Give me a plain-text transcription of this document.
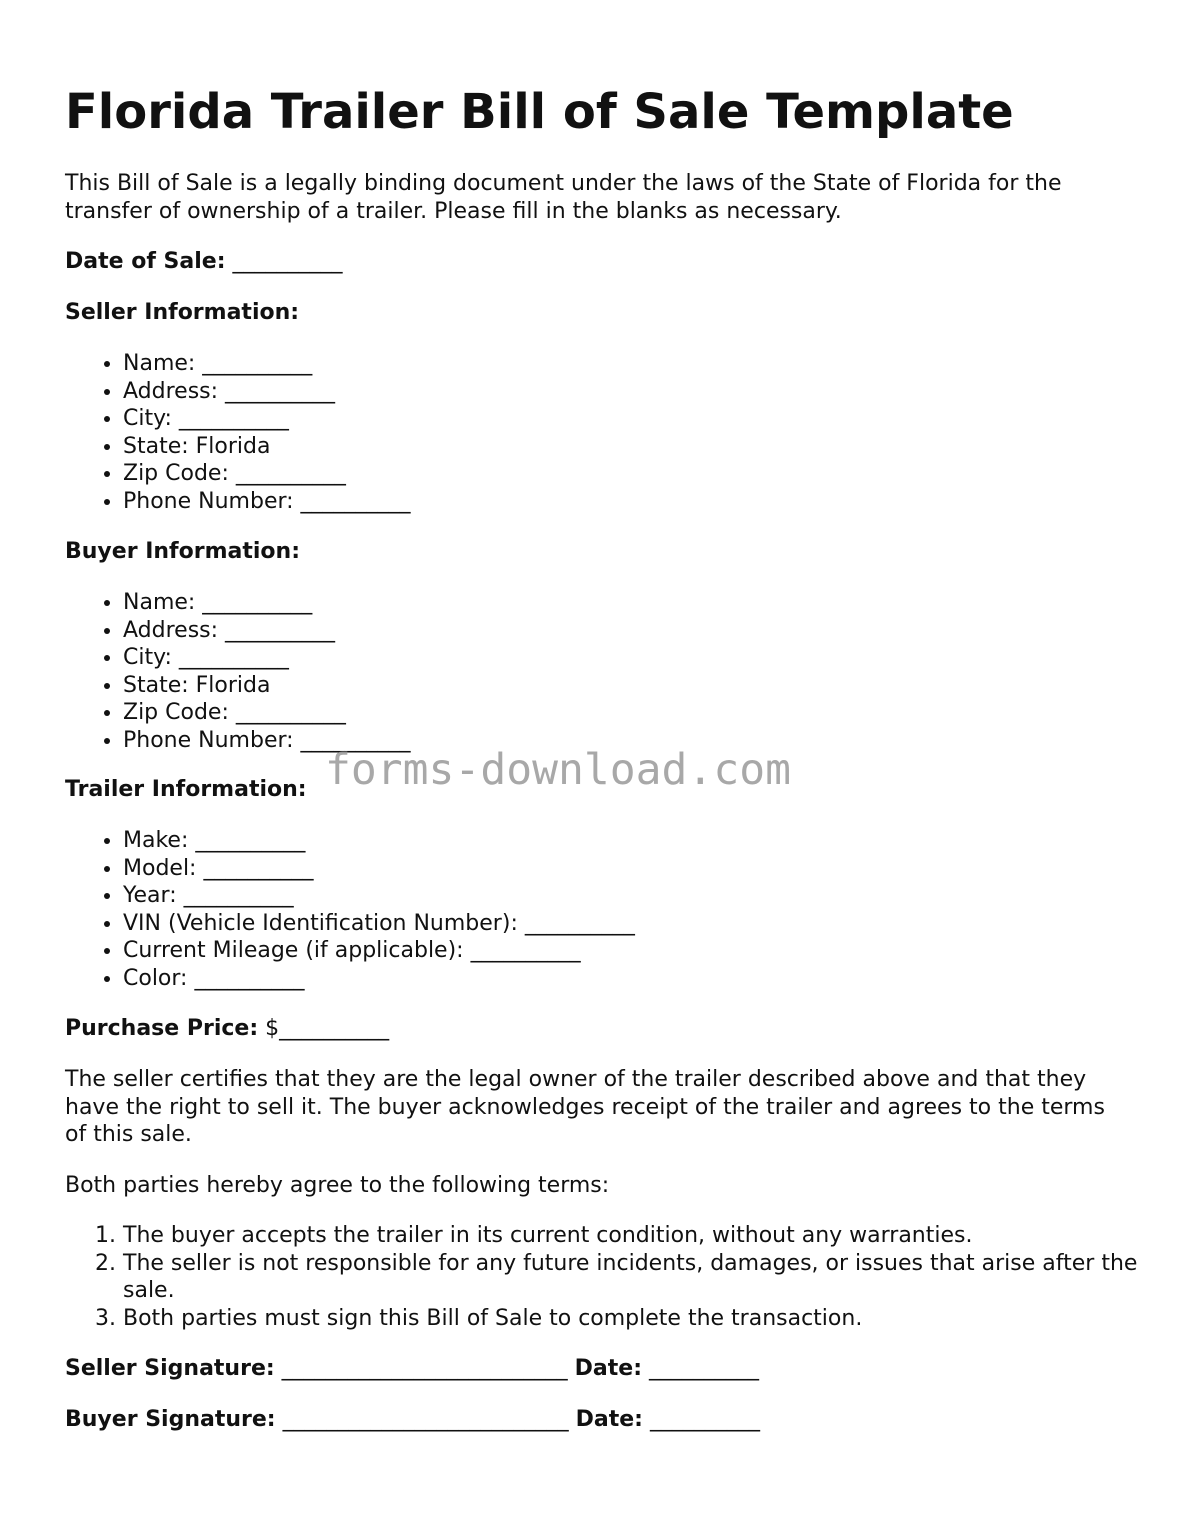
Florida Trailer Bill of Sale Template

This Bill of Sale is a legally binding document under the laws of the State of Florida for the transfer of ownership of a trailer. Please fill in the blanks as necessary.

Date of Sale: __________

Seller Information:

• Name: __________
• Address: __________
• City: __________
• State: Florida
• Zip Code: __________
• Phone Number: __________

Buyer Information:

• Name: __________
• Address: __________
• City: __________
• State: Florida
• Zip Code: __________
• Phone Number: __________

Trailer Information:

• Make: __________
• Model: __________
• Year: __________
• VIN (Vehicle Identification Number): __________
• Current Mileage (if applicable): __________
• Color: __________

Purchase Price: $__________

The seller certifies that they are the legal owner of the trailer described above and that they have the right to sell it. The buyer acknowledges receipt of the trailer and agrees to the terms of this sale.

Both parties hereby agree to the following terms:

1. The buyer accepts the trailer in its current condition, without any warranties.
2. The seller is not responsible for any future incidents, damages, or issues that arise after the sale.
3. Both parties must sign this Bill of Sale to complete the transaction.

Seller Signature: __________________________ Date: __________

Buyer Signature: __________________________ Date: __________

forms-download.com
